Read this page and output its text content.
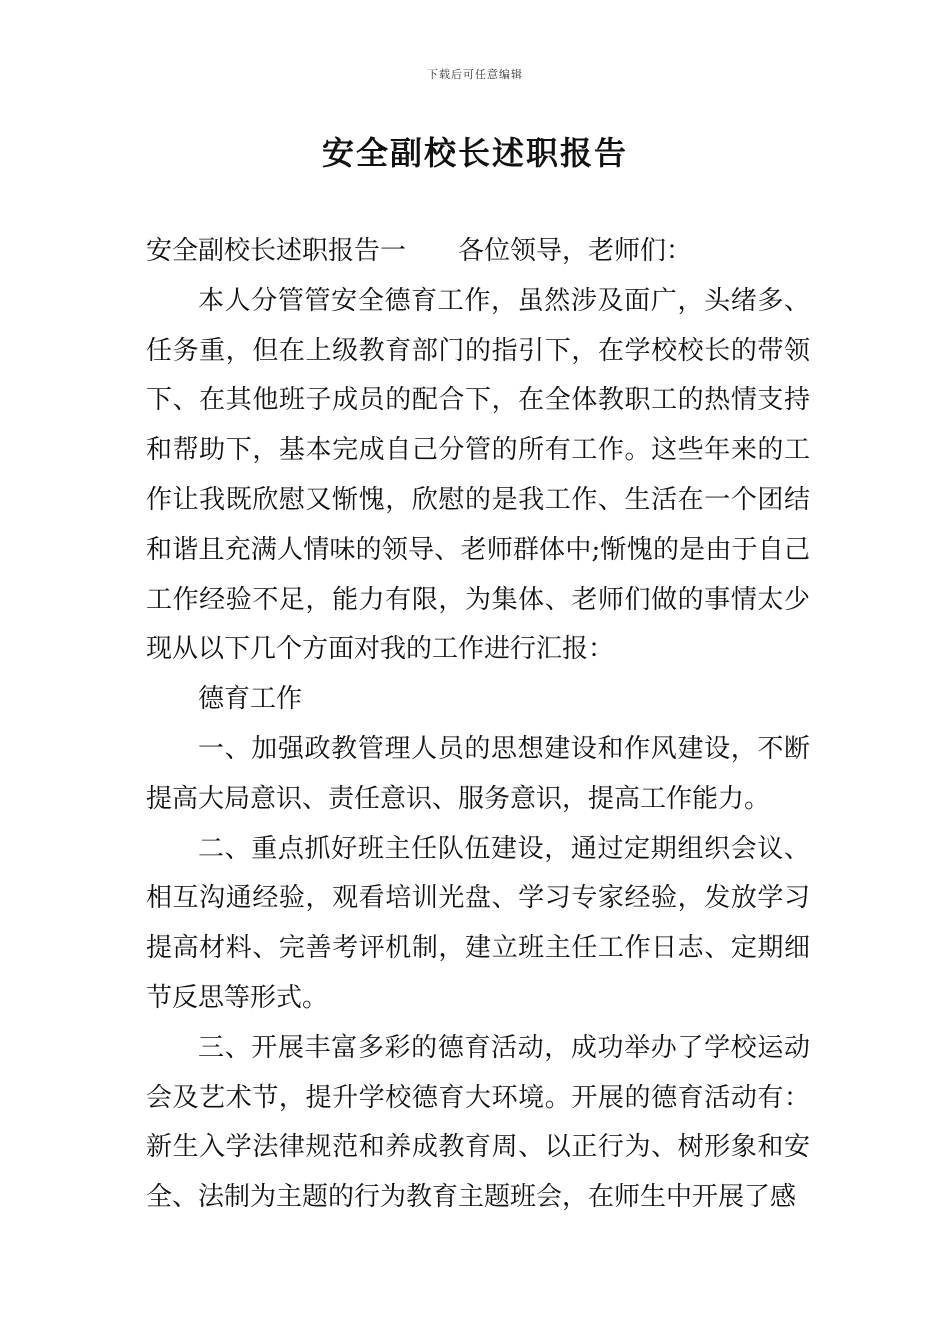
下载后可任意编辑
安全副校长述职报告

安全副校长述职报告一 各位领导，老师们：

本人分管管安全德育工作，虽然涉及面广，头绪多、任务重，但在上级教育部门的指引下，在学校校长的带领下、在其他班子成员的配合下，在全体教职工的热情支持和帮助下，基本完成自己分管的所有工作。这些年来的工作让我既欣慰又惭愧，欣慰的是我工作、生活在一个团结和谐且充满人情味的领导、老师群体中;惭愧的是由于自己工作经验不足，能力有限，为集体、老师们做的事情太少现从以下几个方面对我的工作进行汇报：

德育工作

一、加强政教管理人员的思想建设和作风建设，不断提高大局意识、责任意识、服务意识，提高工作能力。

二、重点抓好班主任队伍建设，通过定期组织会议、相互沟通经验，观看培训光盘、学习专家经验，发放学习提高材料、完善考评机制，建立班主任工作日志、定期细节反思等形式。

三、开展丰富多彩的德育活动，成功举办了学校运动会及艺术节，提升学校德育大环境。开展的德育活动有：新生入学法律规范和养成教育周、以正行为、树形象和安全、法制为主题的行为教育主题班会，在师生中开展了感
